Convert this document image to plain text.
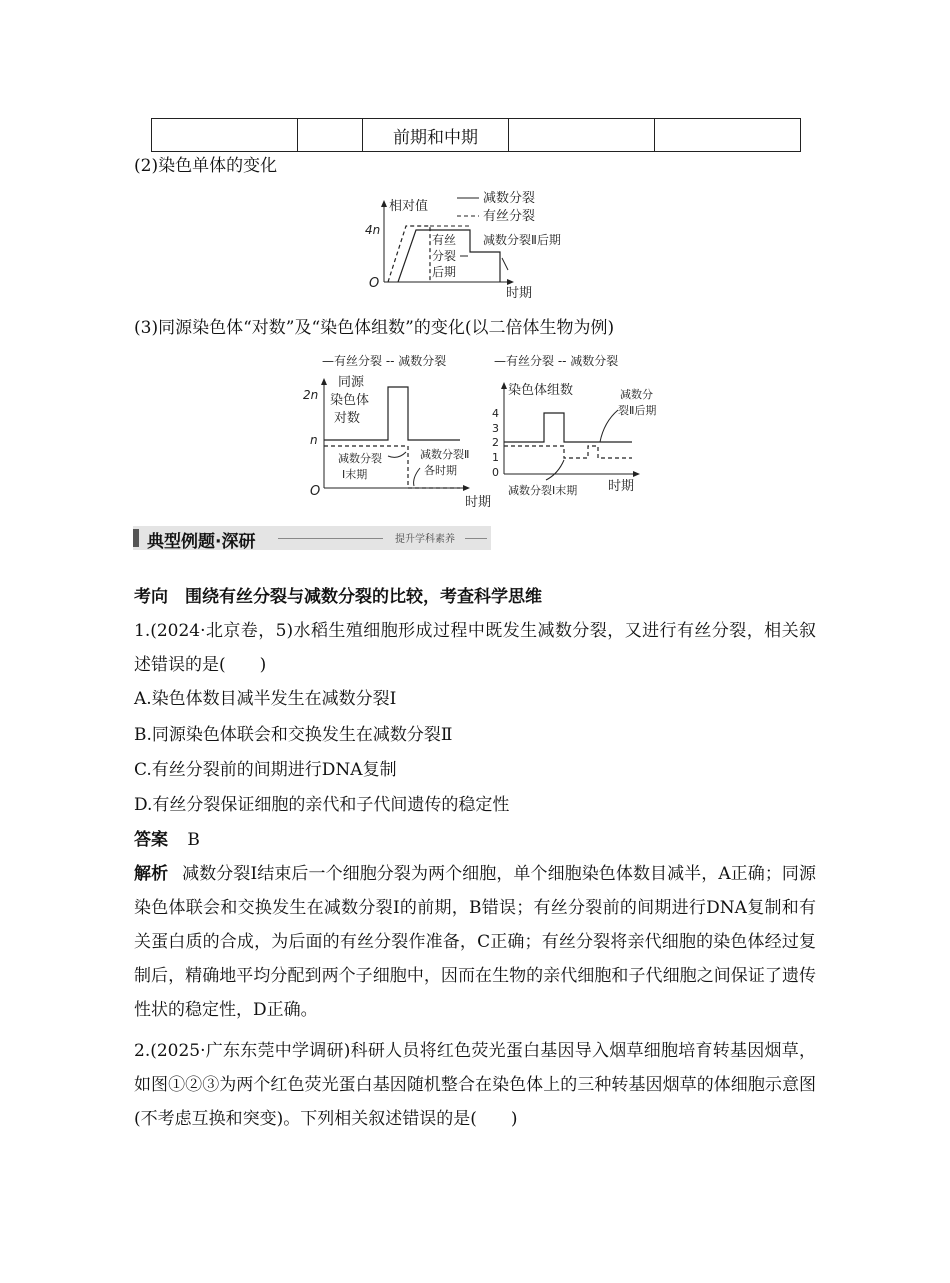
		前期和中期		
(2)染色单体的变化
相对值
减数分裂
有丝分裂
4n
O
时期
有丝
分裂
后期
减数分裂Ⅱ后期
(3)同源染色体“对数”及“染色体组数”的变化(以二倍体生物为例)
—有丝分裂 -- 减数分裂
同源
染色体
对数
2n
n
O
时期
减数分裂
Ⅰ末期
减数分裂Ⅱ
各时期
—有丝分裂 -- 减数分裂
染色体组数
4
3
2
1
0
时期
减数分
裂Ⅱ后期
减数分裂Ⅰ末期
典型例题·深研	提升学科素养
考向　围绕有丝分裂与减数分裂的比较，考查科学思维
1.(2024·北京卷，5)水稻生殖细胞形成过程中既发生减数分裂，又进行有丝分裂，相关叙述错误的是(　　)
A.染色体数目减半发生在减数分裂Ⅰ
B.同源染色体联会和交换发生在减数分裂Ⅱ
C.有丝分裂前的间期进行DNA复制
D.有丝分裂保证细胞的亲代和子代间遗传的稳定性
答案 B
解析 减数分裂Ⅰ结束后一个细胞分裂为两个细胞，单个细胞染色体数目减半，A正确；同源染色体联会和交换发生在减数分裂Ⅰ的前期，B错误；有丝分裂前的间期进行DNA复制和有关蛋白质的合成，为后面的有丝分裂作准备，C正确；有丝分裂将亲代细胞的染色体经过复制后，精确地平均分配到两个子细胞中，因而在生物的亲代细胞和子代细胞之间保证了遗传性状的稳定性，D正确。
2.(2025·广东东莞中学调研)科研人员将红色荧光蛋白基因导入烟草细胞培育转基因烟草，如图①②③为两个红色荧光蛋白基因随机整合在染色体上的三种转基因烟草的体细胞示意图(不考虑互换和突变)。下列相关叙述错误的是(　　)
